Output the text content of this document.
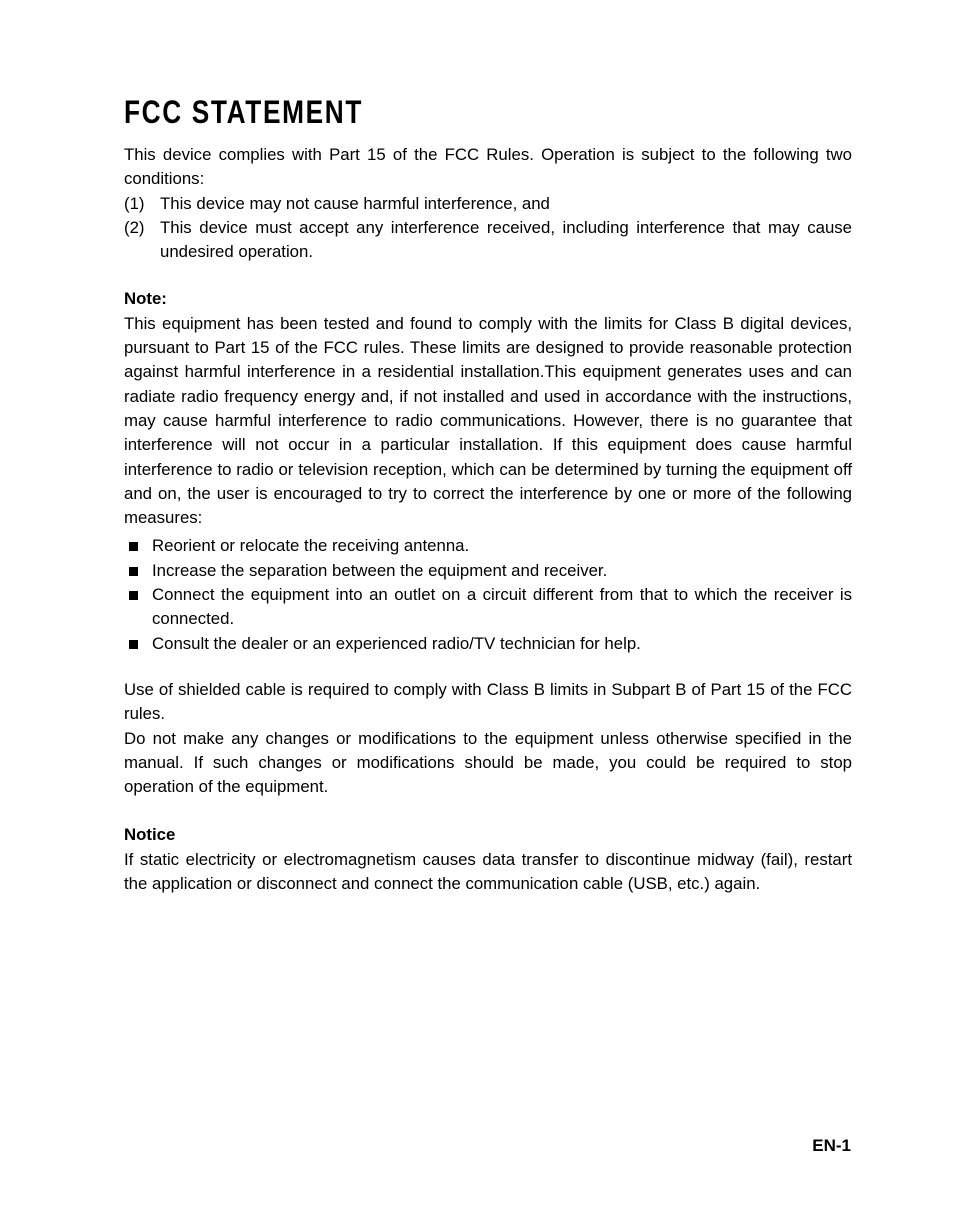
FCC STATEMENT

This device complies with Part 15 of the FCC Rules. Operation is subject to the following two conditions:

(1) This device may not cause harmful interference, and
(2) This device must accept any interference received, including interference that may cause undesired operation.
Note:

This equipment has been tested and found to comply with the limits for Class B digital devices, pursuant to Part 15 of the FCC rules. These limits are designed to provide reasonable protection against harmful interference in a residential installation.This equipment generates uses and can radiate radio frequency energy and, if not installed and used in accordance with the instructions, may cause harmful interference to radio communications. However, there is no guarantee that interference will not occur in a particular installation. If this equipment does cause harmful interference to radio or television reception, which can be determined by turning the equipment off and on, the user is encouraged to try to correct the interference by one or more of the following measures:

Reorient or relocate the receiving antenna.
Increase the separation between the equipment and receiver.
Connect the equipment into an outlet on a circuit different from that to which the receiver is connected.
Consult the dealer or an experienced radio/TV technician for help.

Use of shielded cable is required to comply with Class B limits in Subpart B of Part 15 of the FCC rules.

Do not make any changes or modifications to the equipment unless otherwise specified in the manual. If such changes or modifications should be made, you could be required to stop operation of the equipment.

Notice

If static electricity or electromagnetism causes data transfer to discontinue midway (fail), restart the application or disconnect and connect the communication cable (USB, etc.) again.

EN-1
